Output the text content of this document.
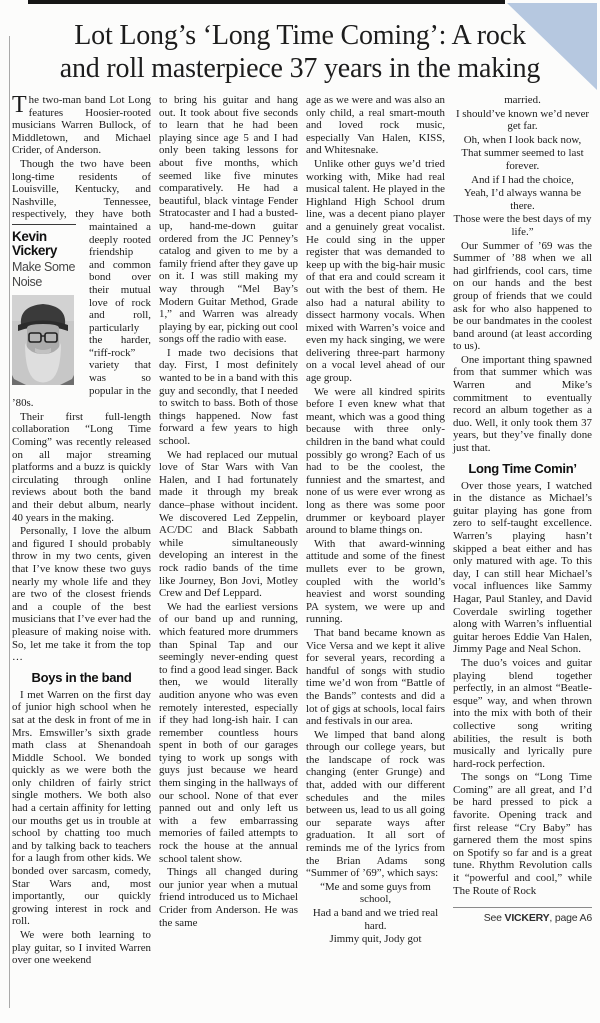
Lot Long’s ‘Long Time Coming’: A rock
and roll masterpiece 37 years in the making
The two-man band Lot Long features Hoosier-rooted musicians Warren Bullock, of Middletown, and Michael Crider, of Anderson.
Though the two have been long-time residents of Louisville, Kentucky, and Nashville, Tennessee, respectively, they have both
Kevin
Vickery
Make Some
Noise
maintained a deeply rooted friendship and common bond over their mutual love of rock and roll, particularly the harder, “riff-rock” variety that was so popular in the ’80s.
Their first full-length collaboration “Long Time Coming” was recently released on all major streaming platforms and a buzz is quickly circulating through online reviews about both the band and their debut album, nearly 40 years in the making.
Personally, I love the album and figured I should probably throw in my two cents, given that I’ve know these two guys nearly my whole life and they are two of the closest friends and a couple of the best musicians that I’ve ever had the pleasure of making noise with. So, let me take it from the top …
Boys in the band
I met Warren on the first day of junior high school when he sat at the desk in front of me in Mrs. Emswiller’s sixth grade math class at Shenandoah Middle School. We bonded quickly as we were both the only children of fairly strict single mothers. We both also had a certain affinity for letting our mouths get us in trouble at school by chatting too much and by talking back to teachers for a laugh from other kids. We bonded over sarcasm, comedy, Star Wars and, most importantly, our quickly growing interest in rock and roll.
We were both learning to play guitar, so I invited Warren over one weekend
to bring his guitar and hang out. It took about five seconds to learn that he had been playing since age 5 and I had only been taking lessons for about five months, which seemed like five minutes comparatively. He had a beautiful, black vintage Fender Stratocaster and I had a busted-up, hand-me-down guitar ordered from the JC Penney’s catalog and given to me by a family friend after they gave up on it. I was still making my way through “Mel Bay’s Modern Guitar Method, Grade 1,” and Warren was already playing by ear, picking out cool songs off the radio with ease.
I made two decisions that day. First, I most definitely wanted to be in a band with this guy and secondly, that I needed to switch to bass. Both of those things happened. Now fast forward a few years to high school.
We had replaced our mutual love of Star Wars with Van Halen, and I had fortunately made it through my break dance–phase without incident. We discovered Led Zeppelin, AC/DC and Black Sabbath while simultaneously developing an interest in the rock radio bands of the time like Journey, Bon Jovi, Motley Crew and Def Leppard.
We had the earliest versions of our band up and running, which featured more drummers than Spinal Tap and our seemingly never-ending quest to find a good lead singer. Back then, we would literally audition anyone who was even remotely interested, especially if they had long-ish hair. I can remember countless hours spent in both of our garages tying to work up songs with guys just because we heard them singing in the hallways of our school. None of that ever panned out and only left us with a few embarrassing memories of failed attempts to rock the house at the annual school talent show.
Things all changed during our junior year when a mutual friend introduced us to Michael Crider from Anderson. He was the same
age as we were and was also an only child, a real smart-mouth and loved rock music, especially Van Halen, KISS, and Whitesnake.
Unlike other guys we’d tried working with, Mike had real musical talent. He played in the Highland High School drum line, was a decent piano player and a genuinely great vocalist. He could sing in the upper register that was demanded to keep up with the big-hair music of that era and could scream it out with the best of them. He also had a natural ability to dissect harmony vocals. When mixed with Warren’s voice and even my hack singing, we were delivering three-part harmony on a vocal level ahead of our age group.
We were all kindred spirits before I even knew what that meant, which was a good thing because with three only-children in the band what could possibly go wrong? Each of us had to be the coolest, the funniest and the smartest, and none of us were ever wrong as long as there was some poor drummer or keyboard player around to blame things on.
With that award-winning attitude and some of the finest mullets ever to be grown, coupled with the world’s heaviest and worst sounding PA system, we were up and running.
That band became known as Vice Versa and we kept it alive for several years, recording a handful of songs with studio time we’d won from “Battle of the Bands” contests and did a lot of gigs at schools, local fairs and festivals in our area.
We limped that band along through our college years, but the landscape of rock was changing (enter Grunge) and that, added with our different schedules and the miles between us, lead to us all going our separate ways after graduation. It all sort of reminds me of the lyrics from the Brian Adams song “Summer of ’69”, which says:
“Me and some guys from school,
Had a band and we tried real hard.
Jimmy quit, Jody got
married.
I should’ve known we’d never get far.
Oh, when I look back now,
That summer seemed to last forever.
And if I had the choice,
Yeah, I’d always wanna be there.
Those were the best days of my life.”
Our Summer of ’69 was the Summer of ’88 when we all had girlfriends, cool cars, time on our hands and the best group of friends that we could ask for who also happened to be our bandmates in the coolest band around (at least according to us).
One important thing spawned from that summer which was Warren and Mike’s commitment to eventually record an album together as a duo. Well, it only took them 37 years, but they’ve finally done just that.
Long Time Comin’
Over those years, I watched in the distance as Michael’s guitar playing has gone from zero to self-taught excellence. Warren’s playing hasn’t skipped a beat either and has only matured with age. To this day, I can still hear Michael’s vocal influences like Sammy Hagar, Paul Stanley, and David Coverdale swirling together along with Warren’s influential guitar heroes Eddie Van Halen, Jimmy Page and Neal Schon.
The duo’s voices and guitar playing blend together perfectly, in an almost “Beatle-esque” way, and when thrown into the mix with both of their collective song writing abilities, the result is both musically and lyrically pure hard-rock perfection.
The songs on “Long Time Coming” are all great, and I’d be hard pressed to pick a favorite. Opening track and first release “Cry Baby” has garnered them the most spins on Spotify so far and is a great tune. Rhythm Revolution calls it “powerful and cool,” while The Route of Rock
See VICKERY, page A6
